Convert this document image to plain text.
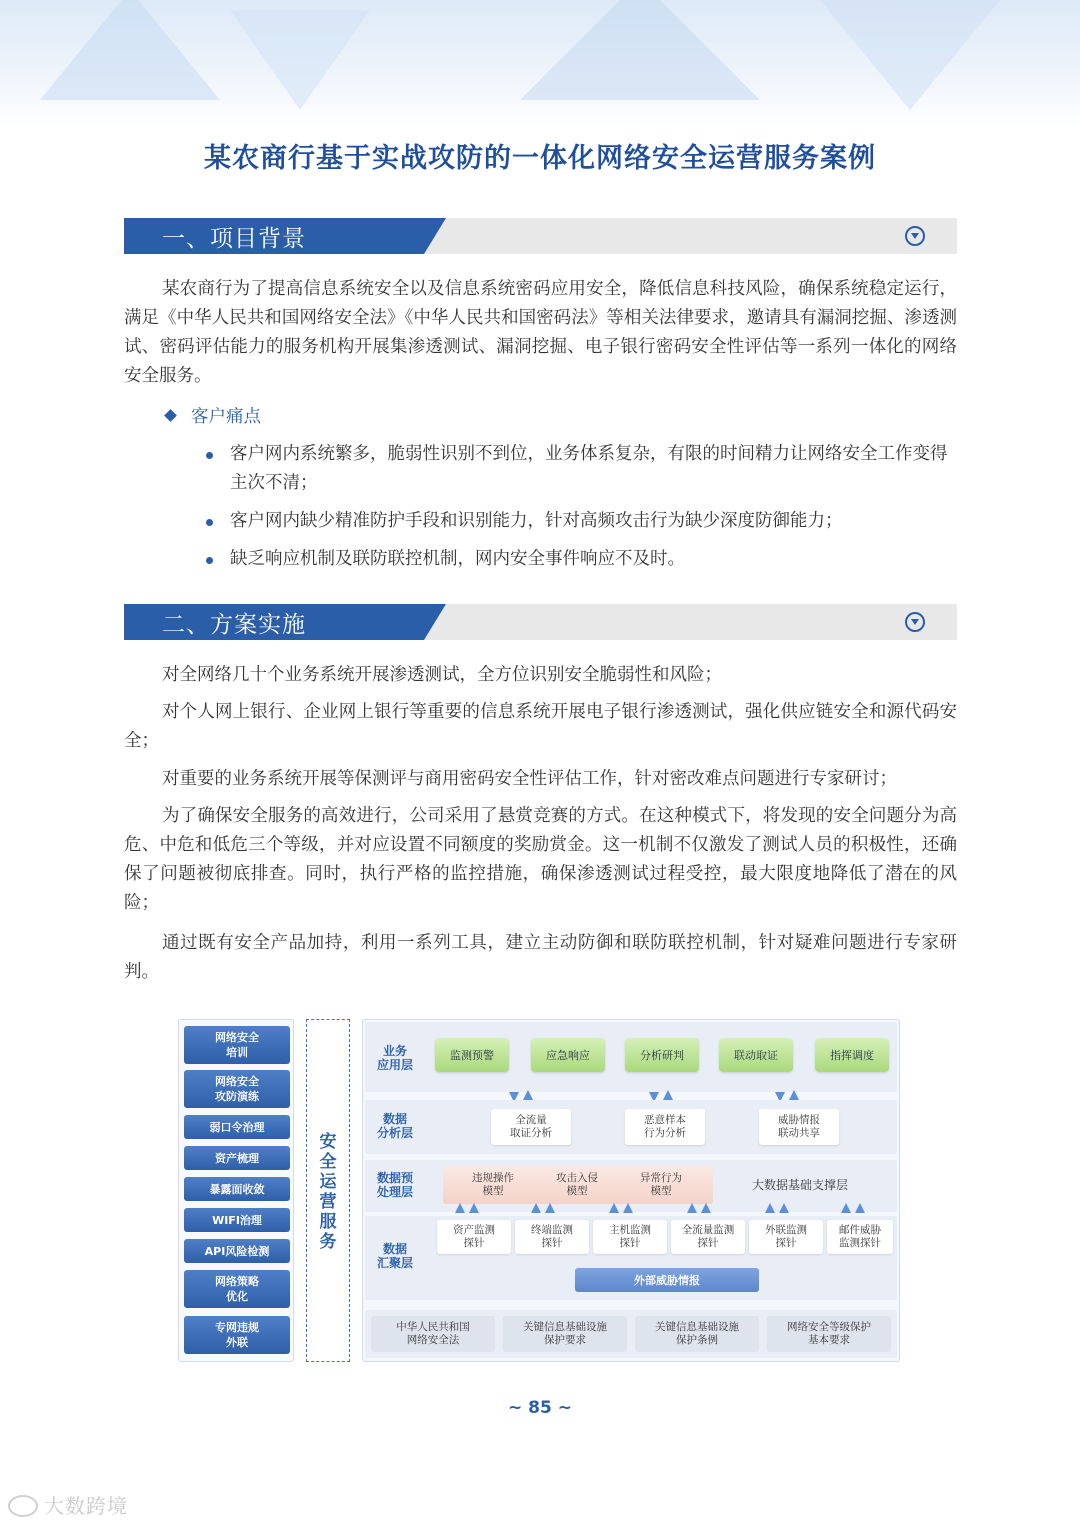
某农商行基于实战攻防的一体化网络安全运营服务案例
一、项目背景
某农商行为了提高信息系统安全以及信息系统密码应用安全，降低信息科技风险，确保系统稳定运行，满足《中华人民共和国网络安全法》《中华人民共和国密码法》等相关法律要求，邀请具有漏洞挖掘、渗透测试、密码评估能力的服务机构开展集渗透测试、漏洞挖掘、电子银行密码安全性评估等一系列一体化的网络安全服务。
客户痛点
客户网内系统繁多，脆弱性识别不到位，业务体系复杂，有限的时间精力让网络安全工作变得主次不清；
客户网内缺少精准防护手段和识别能力，针对高频攻击行为缺少深度防御能力；
缺乏响应机制及联防联控机制，网内安全事件响应不及时。
二、方案实施
对全网络几十个业务系统开展渗透测试，全方位识别安全脆弱性和风险；
对个人网上银行、企业网上银行等重要的信息系统开展电子银行渗透测试，强化供应链安全和源代码安全；
对重要的业务系统开展等保测评与商用密码安全性评估工作，针对密改难点问题进行专家研讨；
为了确保安全服务的高效进行，公司采用了悬赏竞赛的方式。在这种模式下，将发现的安全问题分为高危、中危和低危三个等级，并对应设置不同额度的奖励赏金。这一机制不仅激发了测试人员的积极性，还确保了问题被彻底排查。同时，执行严格的监控措施，确保渗透测试过程受控，最大限度地降低了潜在的风险；
通过既有安全产品加持，利用一系列工具，建立主动防御和联防联控机制，针对疑难问题进行专家研判。
网络安全
培训
网络安全
攻防演练
弱口令治理
资产梳理
暴露面收敛
WIFI治理
API风险检测
网络策略
优化
专网违规
外联
安
全
运
营
服
务
业务
应用层
监测预警	应急响应	分析研判	联动取证	指挥调度
数据
分析层
全流量
取证分析
恶意样本
行为分析
威胁情报
联动共享
数据预
处理层
违规操作
模型
攻击入侵
模型
异常行为
模型	大数据基础支撑层
数据
汇聚层
资产监测
探针
终端监测
探针
主机监测
探针
全流量监测
探针
外联监测
探针
邮件威胁
监测探针
外部威胁情报
中华人民共和国
网络安全法
关键信息基础设施
保护要求
关键信息基础设施
保护条例
网络安全等级保护
基本要求
~ 85 ~
大数跨境
